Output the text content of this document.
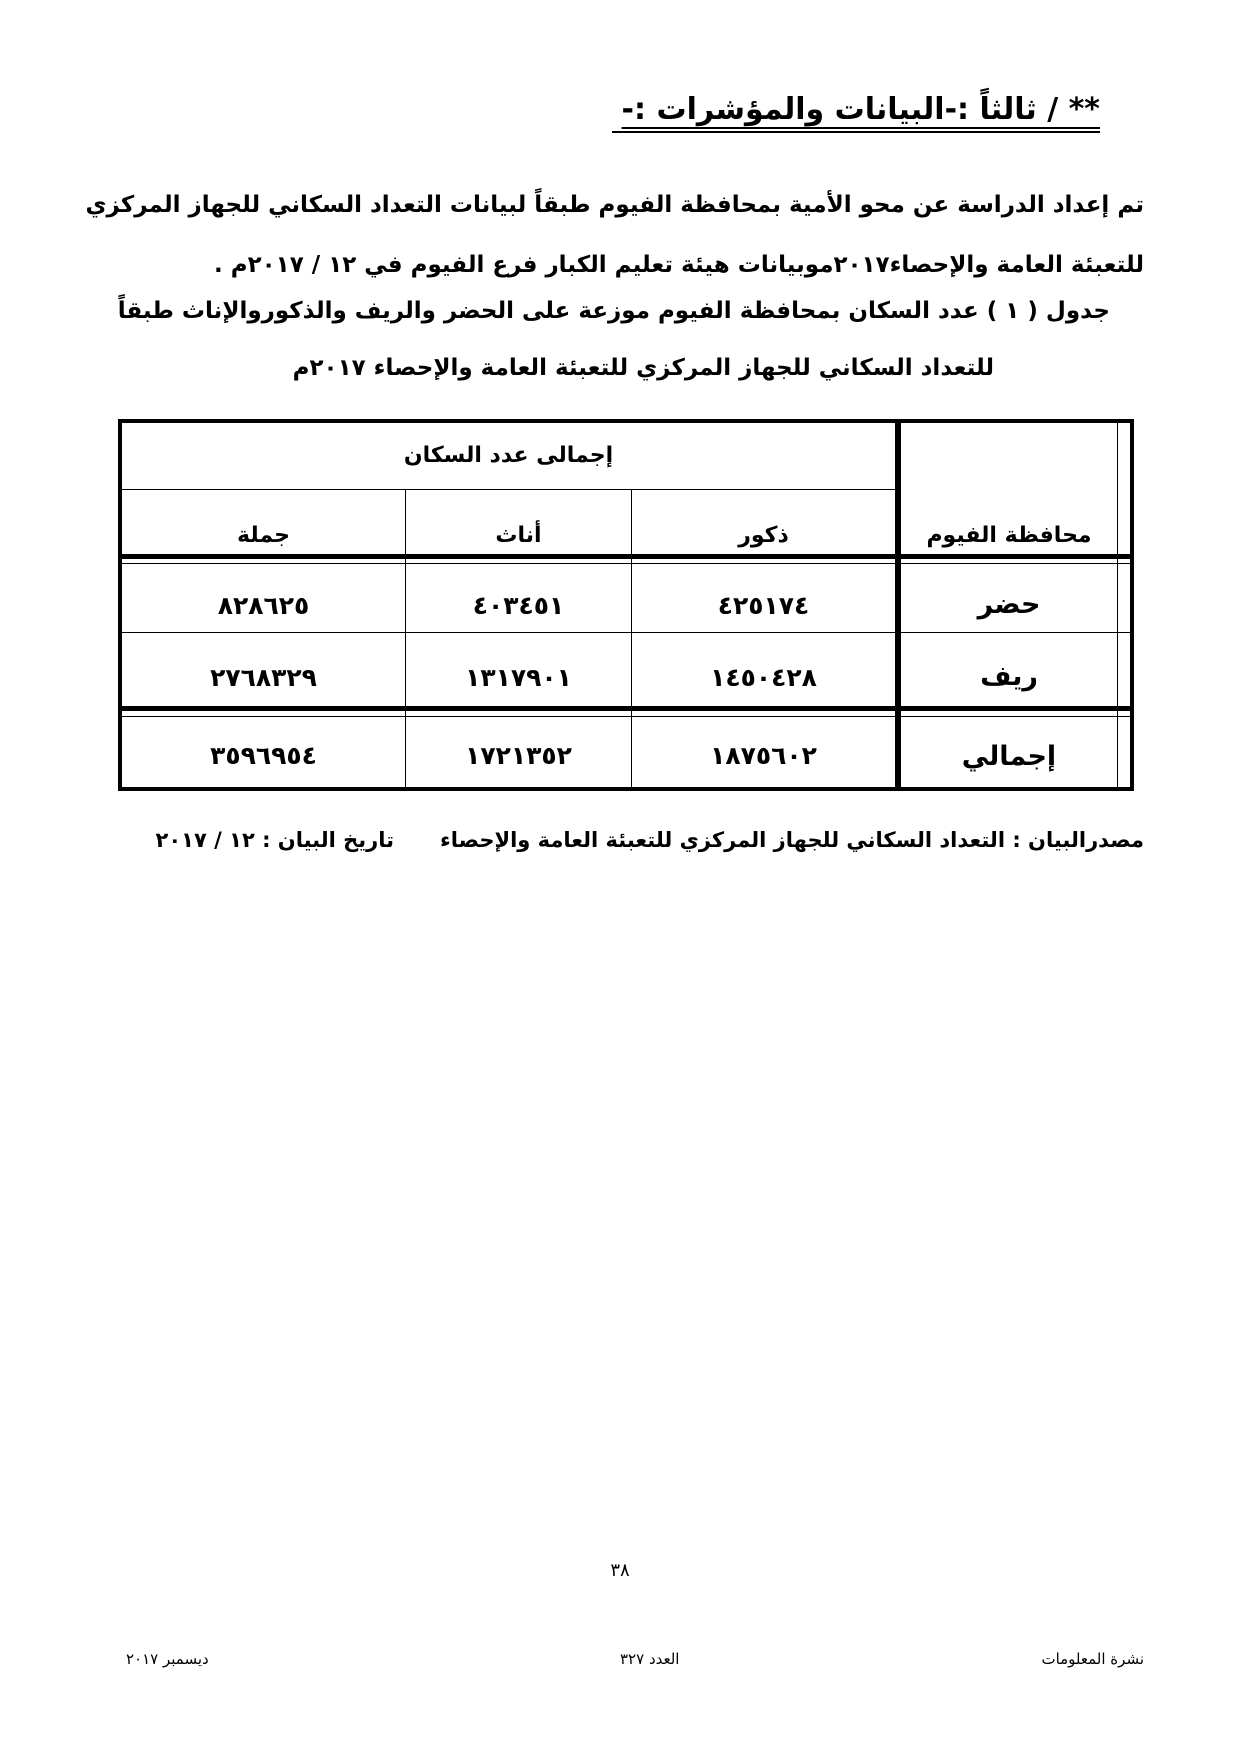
** / ثالثاً :-البيانات والمؤشرات :-

تم إعداد الدراسة عن محو الأمية بمحافظة الفيوم طبقاً لبيانات التعداد السكاني للجهاز المركزي

للتعبئة العامة والإحصاء٢٠١٧موبيانات هيئة تعليم الكبار فرع الفيوم في ١٢ / ٢٠١٧م .

جدول ( ١ ) عدد السكان بمحافظة الفيوم موزعة على الحضر والريف والذكوروالإناث طبقاً
للتعداد السكاني للجهاز المركزي للتعبئة العامة والإحصاء ٢٠١٧م
إجمالى عدد السكان
محافظة الفيوم
ذكور
أناث
جملة
حضر
٤٢٥١٧٤
٤٠٣٤٥١
٨٢٨٦٢٥
ريف
١٤٥٠٤٢٨
١٣١٧٩٠١
٢٧٦٨٣٢٩
إجمالي
١٨٧٥٦٠٢
١٧٢١٣٥٢
٣٥٩٦٩٥٤
مصدرالبيان : التعداد السكاني للجهاز المركزي للتعبئة العامة والإحصاءتاريخ البيان : ١٢ / ٢٠١٧
٣٨
نشرة المعلومات
العدد ٣٢٧
ديسمبر ٢٠١٧
